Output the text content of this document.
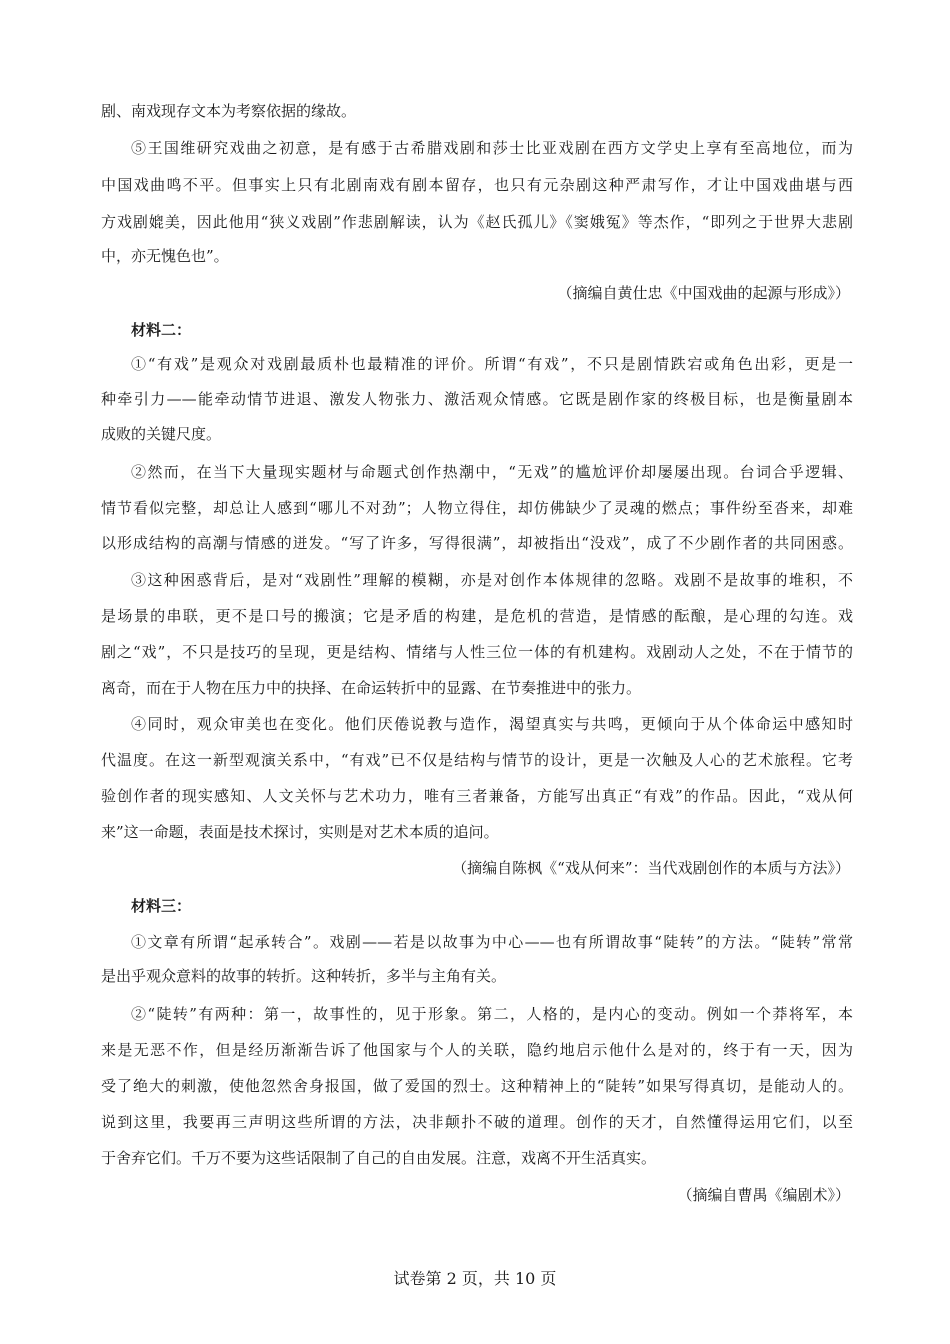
剧、南戏现存文本为考察依据的缘故。
⑤王国维研究戏曲之初意，是有感于古希腊戏剧和莎士比亚戏剧在西方文学史上享有至高地位，而为
中国戏曲鸣不平。但事实上只有北剧南戏有剧本留存，也只有元杂剧这种严肃写作，才让中国戏曲堪与西
方戏剧媲美，因此他用“狭义戏剧”作悲剧解读，认为《赵氏孤儿》《窦娥冤》等杰作，“即列之于世界大悲剧
中，亦无愧色也”。
（摘编自黄仕忠《中国戏曲的起源与形成》）
材料二：
①“有戏”是观众对戏剧最质朴也最精准的评价。所谓“有戏”，不只是剧情跌宕或角色出彩，更是一
种牵引力——能牵动情节进退、激发人物张力、激活观众情感。它既是剧作家的终极目标，也是衡量剧本
成败的关键尺度。
②然而，在当下大量现实题材与命题式创作热潮中，“无戏”的尴尬评价却屡屡出现。台词合乎逻辑、
情节看似完整，却总让人感到“哪儿不对劲”；人物立得住，却仿佛缺少了灵魂的燃点；事件纷至沓来，却难
以形成结构的高潮与情感的迸发。“写了许多，写得很满”，却被指出“没戏”，成了不少剧作者的共同困惑。
③这种困惑背后，是对“戏剧性”理解的模糊，亦是对创作本体规律的忽略。戏剧不是故事的堆积，不
是场景的串联，更不是口号的搬演；它是矛盾的构建，是危机的营造，是情感的酝酿，是心理的勾连。戏
剧之“戏”，不只是技巧的呈现，更是结构、情绪与人性三位一体的有机建构。戏剧动人之处，不在于情节的
离奇，而在于人物在压力中的抉择、在命运转折中的显露、在节奏推进中的张力。
④同时，观众审美也在变化。他们厌倦说教与造作，渴望真实与共鸣，更倾向于从个体命运中感知时
代温度。在这一新型观演关系中，“有戏”已不仅是结构与情节的设计，更是一次触及人心的艺术旅程。它考
验创作者的现实感知、人文关怀与艺术功力，唯有三者兼备，方能写出真正“有戏”的作品。因此，“戏从何
来”这一命题，表面是技术探讨，实则是对艺术本质的追问。
（摘编自陈枫《“戏从何来”：当代戏剧创作的本质与方法》）
材料三：
①文章有所谓“起承转合”。戏剧——若是以故事为中心——也有所谓故事“陡转”的方法。“陡转”常常
是出乎观众意料的故事的转折。这种转折，多半与主角有关。
②“陡转”有两种：第一，故事性的，见于形象。第二，人格的，是内心的变动。例如一个莽将军，本
来是无恶不作，但是经历渐渐告诉了他国家与个人的关联，隐约地启示他什么是对的，终于有一天，因为
受了绝大的刺激，使他忽然舍身报国，做了爱国的烈士。这种精神上的“陡转”如果写得真切，是能动人的。
说到这里，我要再三声明这些所谓的方法，决非颠扑不破的道理。创作的天才，自然懂得运用它们，以至
于舍弃它们。千万不要为这些话限制了自己的自由发展。注意，戏离不开生活真实。
（摘编自曹禺《编剧术》）
试卷第 2 页，共 10 页
